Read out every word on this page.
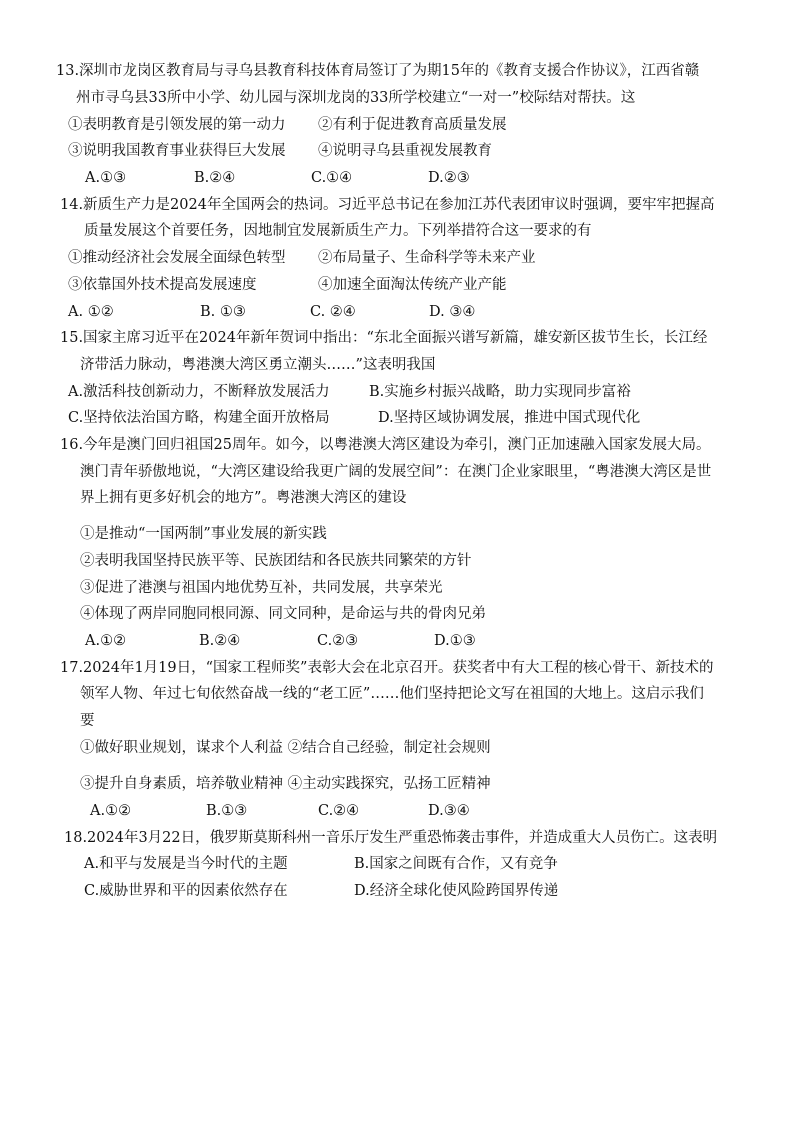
13.深圳市龙岗区教育局与寻乌县教育科技体育局签订了为期15年的《教育支援合作协议》，江西省赣
州市寻乌县33所中小学、幼儿园与深圳龙岗的33所学校建立“一对一”校际结对帮扶。这
①表明教育是引领发展的第一动力 ②有利于促进教育高质量发展
③说明我国教育事业获得巨大发展 ④说明寻乌县重视发展教育
A.①③	B.②④	C.①④	D.②③
14.新质生产力是2024年全国两会的热词。习近平总书记在参加江苏代表团审议时强调，要牢牢把握高
质量发展这个首要任务，因地制宜发展新质生产力。下列举措符合这一要求的有
①推动经济社会发展全面绿色转型 ②布局量子、生命科学等未来产业
③依靠国外技术提高发展速度	④加速全面淘汰传统产业产能
A. ①②	B. ①③	C. ②④	D. ③④
15.国家主席习近平在2024年新年贺词中指出：“东北全面振兴谱写新篇，雄安新区拔节生长，长江经
济带活力脉动，粤港澳大湾区勇立潮头……”这表明我国
A.激活科技创新动力，不断释放发展活力	B.实施乡村振兴战略，助力实现同步富裕
C.坚持依法治国方略，构建全面开放格局	D.坚持区域协调发展，推进中国式现代化
16.今年是澳门回归祖国25周年。如今，以粤港澳大湾区建设为牵引，澳门正加速融入国家发展大局。
澳门青年骄傲地说，“大湾区建设给我更广阔的发展空间”：在澳门企业家眼里，“粤港澳大湾区是世
界上拥有更多好机会的地方”。粤港澳大湾区的建设
①是推动“一国两制”事业发展的新实践
②表明我国坚持民族平等、民族团结和各民族共同繁荣的方针
③促进了港澳与祖国内地优势互补，共同发展，共享荣光
④体现了两岸同胞同根同源、同文同种，是命运与共的骨肉兄弟
A.①②	B.②④	C.②③	D.①③
17.2024年1月19日，“国家工程师奖”表彰大会在北京召开。获奖者中有大工程的核心骨干、新技术的
领军人物、年过七旬依然奋战一线的“老工匠”……他们坚持把论文写在祖国的大地上。这启示我们
要
①做好职业规划，谋求个人利益 ②结合自己经验，制定社会规则
③提升自身素质，培养敬业精神 ④主动实践探究，弘扬工匠精神
A.①②	B.①③	C.②④	D.③④
18.2024年3月22日，俄罗斯莫斯科州一音乐厅发生严重恐怖袭击事件，并造成重大人员伤亡。这表明
A.和平与发展是当今时代的主题	B.国家之间既有合作，又有竞争
C.威胁世界和平的因素依然存在	D.经济全球化使风险跨国界传递
